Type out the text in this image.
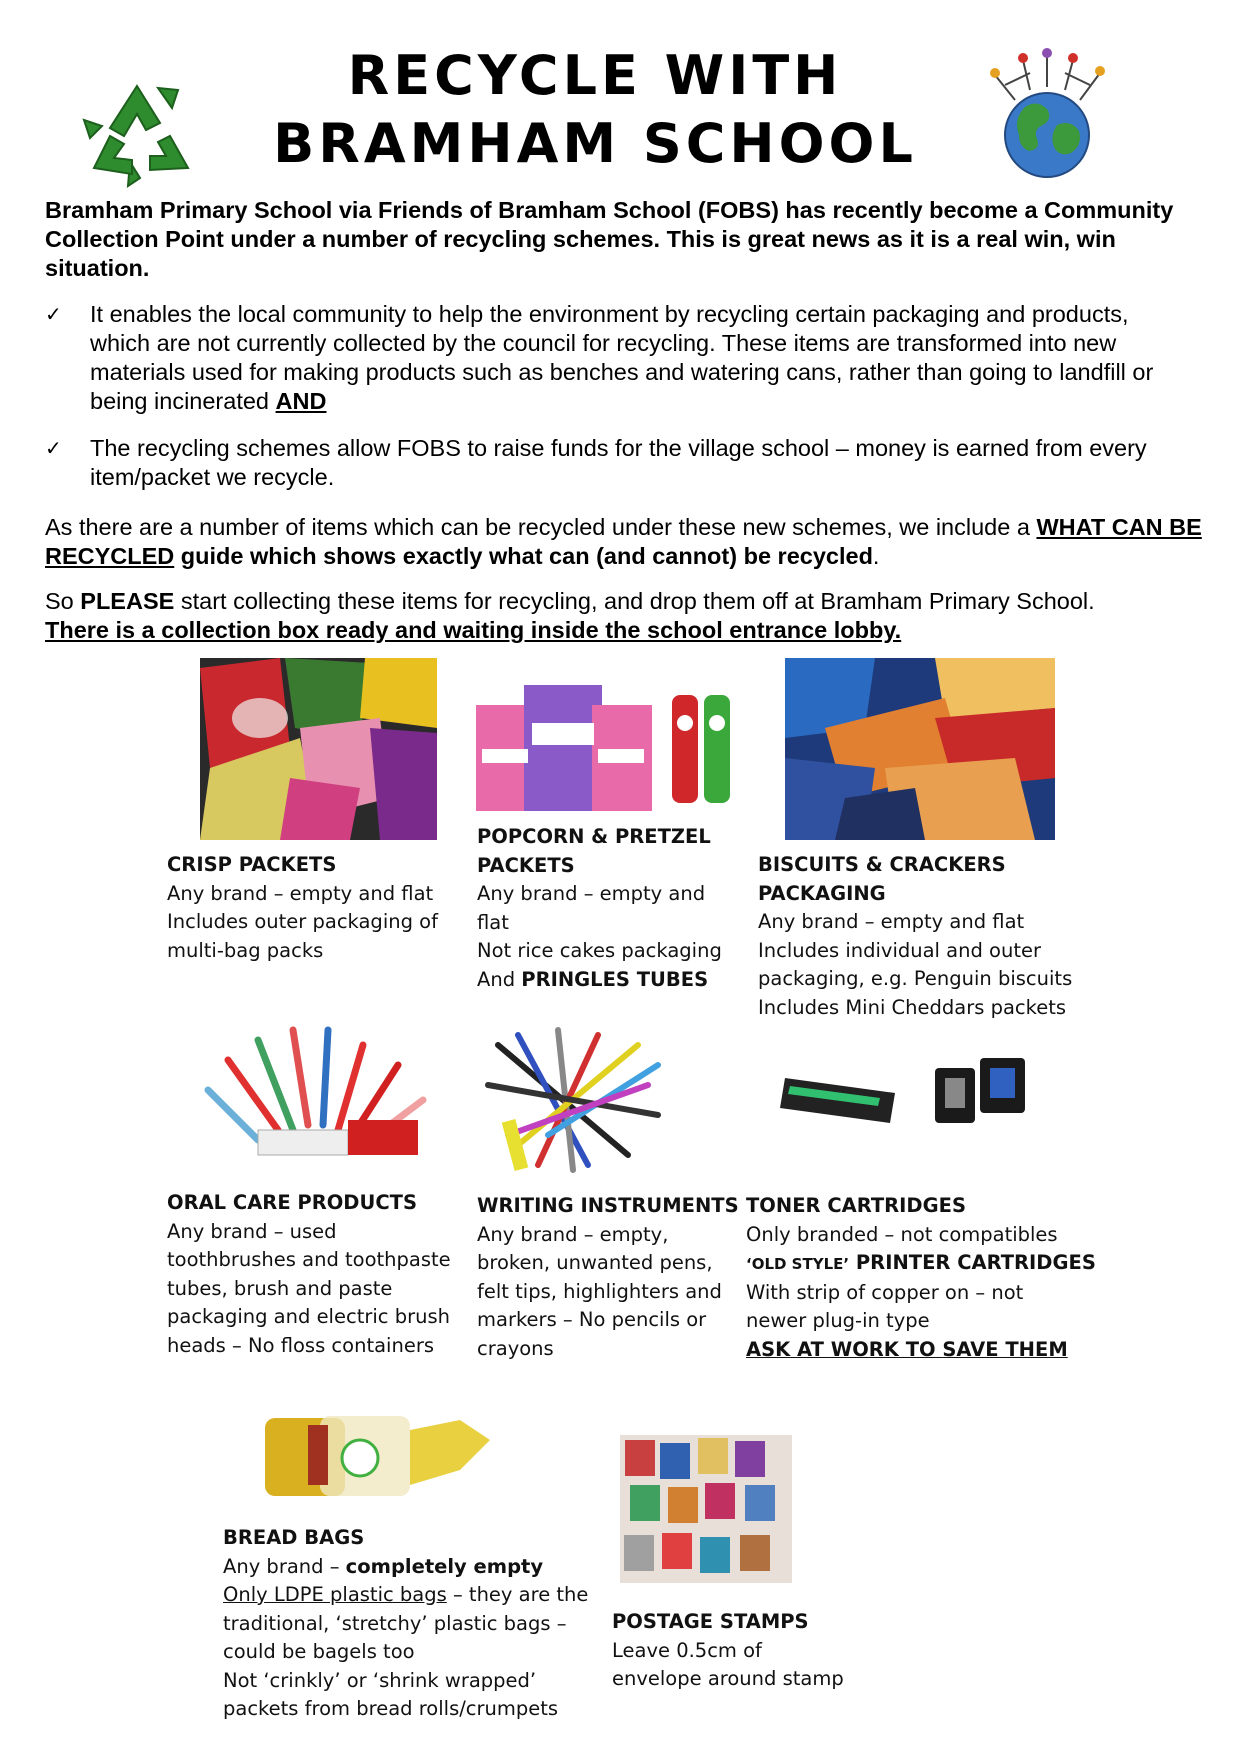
RECYCLE WITH
BRAMHAM SCHOOL
Bramham Primary School via Friends of Bramham School (FOBS) has recently become a Community Collection Point under a number of recycling schemes. This is great news as it is a real win, win situation.
✓ It enables the local community to help the environment by recycling certain packaging and products, which are not currently collected by the council for recycling. These items are transformed into new materials used for making products such as benches and watering cans, rather than going to landfill or being incinerated AND
✓ The recycling schemes allow FOBS to raise funds for the village school – money is earned from every item/packet we recycle.
As there are a number of items which can be recycled under these new schemes, we include a WHAT CAN BE RECYCLED guide which shows exactly what can (and cannot) be recycled.
So PLEASE start collecting these items for recycling, and drop them off at Bramham Primary School.
There is a collection box ready and waiting inside the school entrance lobby.
CRISP PACKETS
Any brand – empty and flat
Includes outer packaging of
multi-bag packs
POPCORN & PRETZEL
PACKETS
Any brand – empty and
flat
Not rice cakes packaging
And PRINGLES TUBES
BISCUITS & CRACKERS
PACKAGING
Any brand – empty and flat
Includes individual and outer
packaging, e.g. Penguin biscuits
Includes Mini Cheddars packets
ORAL CARE PRODUCTS
Any brand – used
toothbrushes and toothpaste
tubes, brush and paste
packaging and electric brush
heads – No floss containers
WRITING INSTRUMENTS
Any brand – empty,
broken, unwanted pens,
felt tips, highlighters and
markers – No pencils or
crayons
TONER CARTRIDGES
Only branded – not compatibles
‘OLD STYLE’ PRINTER CARTRIDGES
With strip of copper on – not
newer plug-in type
ASK AT WORK TO SAVE THEM
BREAD BAGS
Any brand – completely empty
Only LDPE plastic bags – they are the
traditional, ‘stretchy’ plastic bags –
could be bagels too
Not ‘crinkly’ or ‘shrink wrapped’
packets from bread rolls/crumpets
POSTAGE STAMPS
Leave 0.5cm of
envelope around stamp
